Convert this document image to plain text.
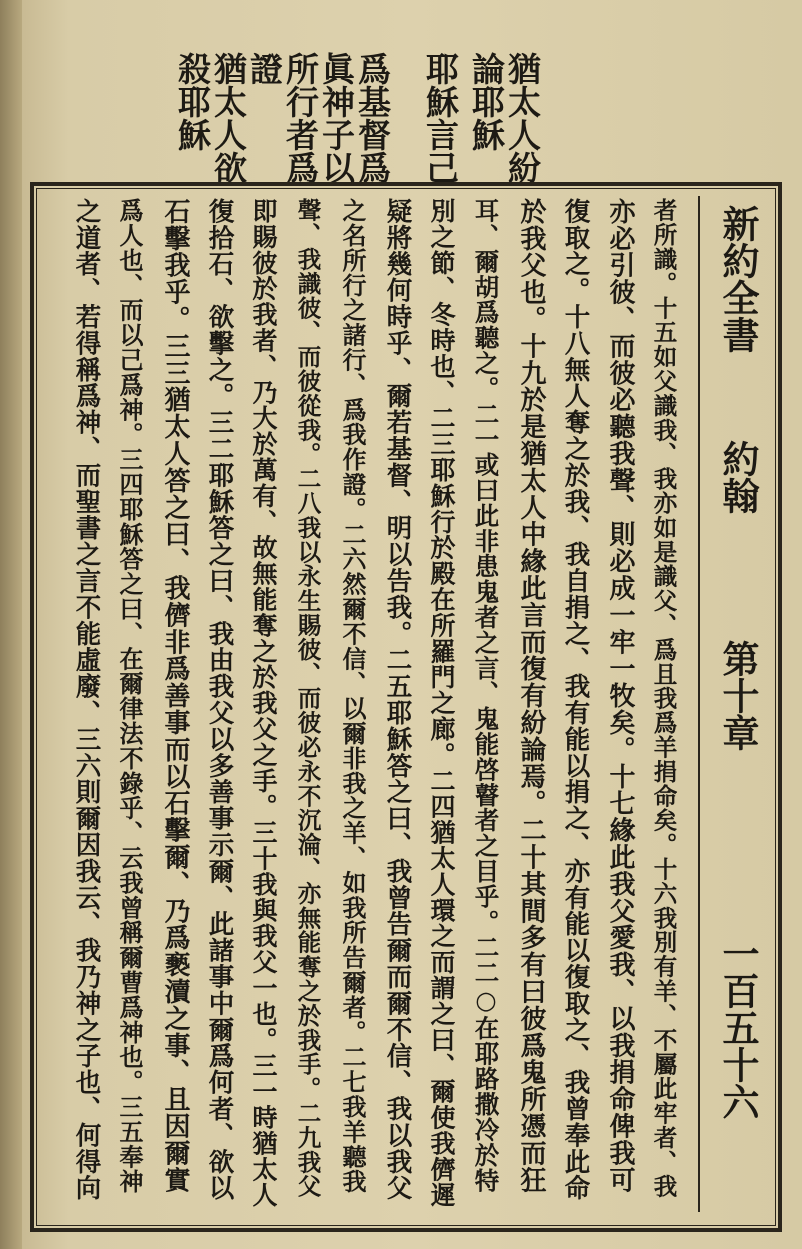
猶太人紛
論耶穌
耶穌言己
爲基督爲
眞神子以
所行者爲
證
猶太人欲
殺耶穌
新約全書
約翰
第十章
一百五十六
者所識。十五如父識我、我亦如是識父、爲且我爲羊捐命矣。十六我別有羊、不屬此牢者、我
亦必引彼、而彼必聽我聲、則必成一牢一牧矣。十七緣此我父愛我、以我捐命俾我可
復取之。十八無人奪之於我、我自捐之、我有能以捐之、亦有能以復取之、我曾奉此命
於我父也。十九於是猶太人中緣此言而復有紛論焉。二十其間多有曰彼爲鬼所憑而狂
耳、爾胡爲聽之。二一或曰此非患鬼者之言、鬼能啓瞽者之目乎。二二○在耶路撒冷於特
別之節、冬時也、二三耶穌行於殿在所羅門之廊。二四猶太人環之而謂之曰、爾使我儕遲
疑將幾何時乎、爾若基督、明以告我。二五耶穌答之曰、我曾告爾而爾不信、我以我父
之名所行之諸行、爲我作證。二六然爾不信、以爾非我之羊、如我所告爾者。二七我羊聽我
聲、我識彼、而彼從我。二八我以永生賜彼、而彼必永不沉淪、亦無能奪之於我手。二九我父
即賜彼於我者、乃大於萬有、故無能奪之於我父之手。三十我與我父一也。三一時猶太人
復拾石、欲擊之。三二耶穌答之曰、我由我父以多善事示爾、此諸事中爾爲何者、欲以
石擊我乎。三三猶太人答之曰、我儕非爲善事而以石擊爾、乃爲褻瀆之事、且因爾實
爲人也、而以己爲神。三四耶穌答之曰、在爾律法不錄乎、云我曾稱爾曹爲神也。三五奉神
之道者、若得稱爲神、而聖書之言不能虛廢、三六則爾因我云、我乃神之子也、何得向
